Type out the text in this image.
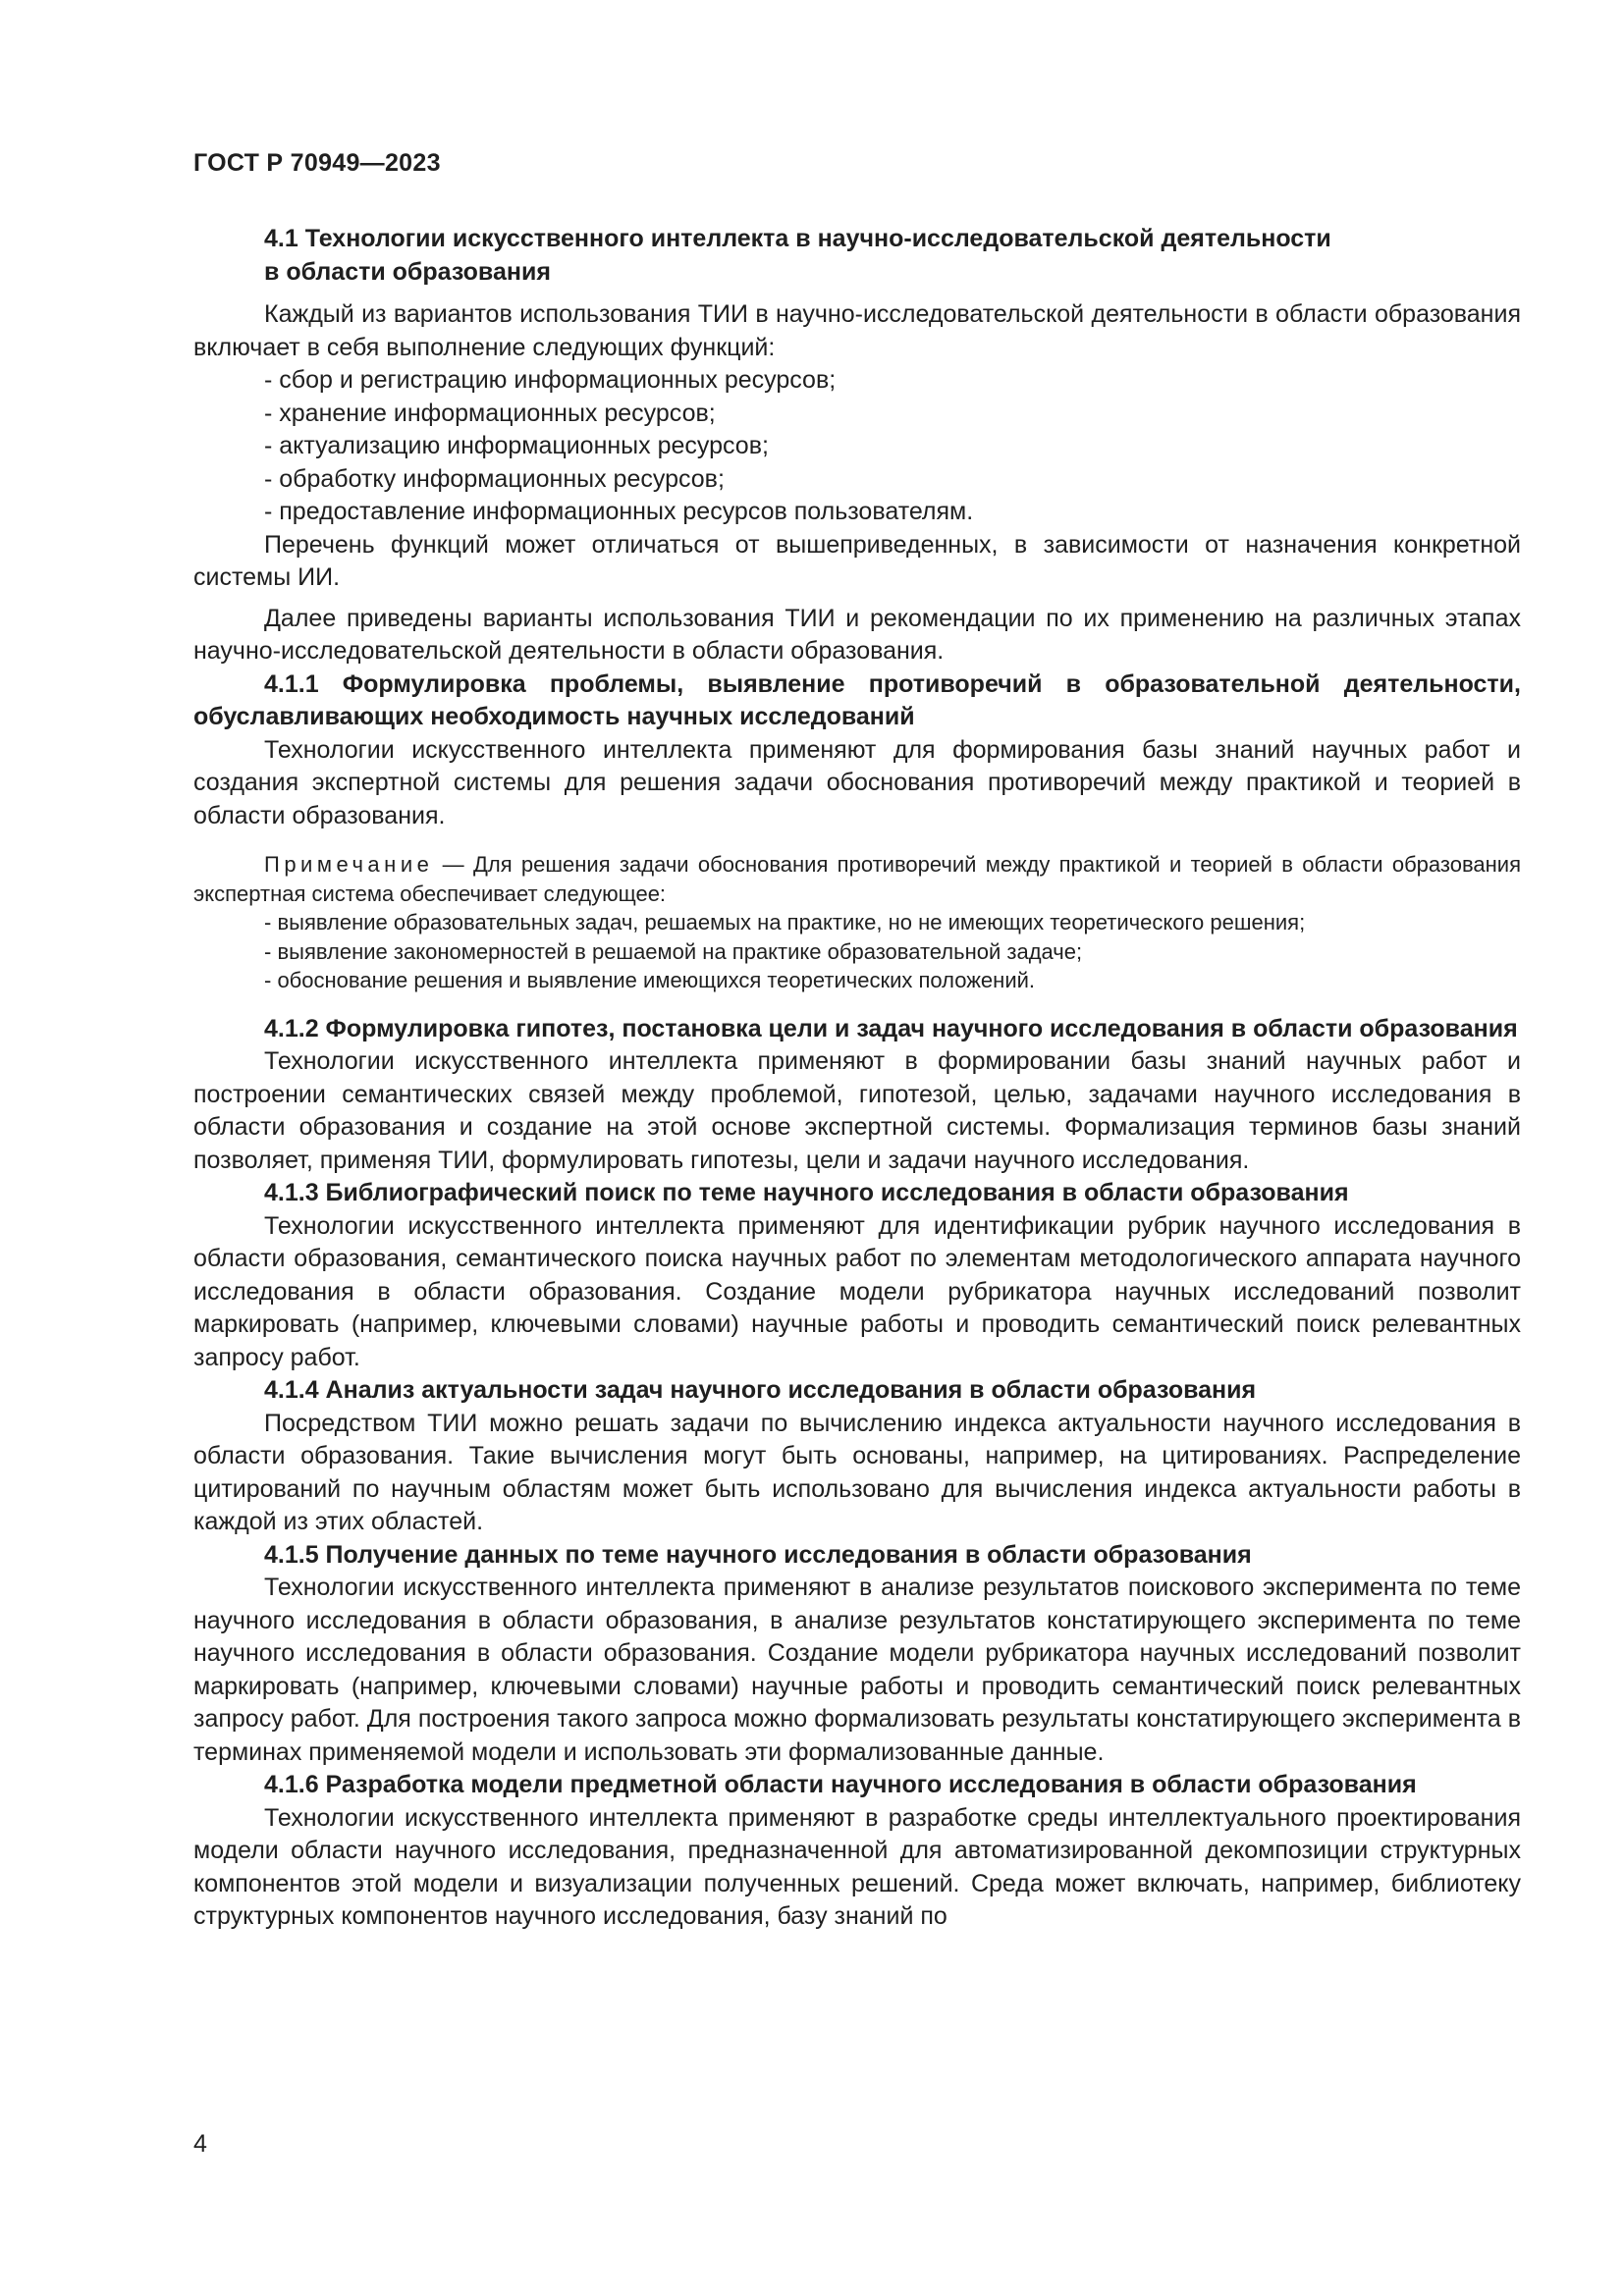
ГОСТ Р 70949—2023
4.1 Технологии искусственного интеллекта в научно-исследовательской деятельности
в области образования

Каждый из вариантов использования ТИИ в научно-исследовательской деятельности в области образования включает в себя выполнение следующих функций:

- сбор и регистрацию информационных ресурсов;

- хранение информационных ресурсов;

- актуализацию информационных ресурсов;

- обработку информационных ресурсов;

- предоставление информационных ресурсов пользователям.

Перечень функций может отличаться от вышеприведенных, в зависимости от назначения конкретной системы ИИ.

Далее приведены варианты использования ТИИ и рекомендации по их применению на различных этапах научно-исследовательской деятельности в области образования.

4.1.1 Формулировка проблемы, выявление противоречий в образовательной деятельности, обуславливающих необходимость научных исследований

Технологии искусственного интеллекта применяют для формирования базы знаний научных работ и создания экспертной системы для решения задачи обоснования противоречий между практикой и теорией в области образования.

Примечание — Для решения задачи обоснования противоречий между практикой и теорией в области образования экспертная система обеспечивает следующее:

- выявление образовательных задач, решаемых на практике, но не имеющих теоретического решения;

- выявление закономерностей в решаемой на практике образовательной задаче;

- обоснование решения и выявление имеющихся теоретических положений.

4.1.2 Формулировка гипотез, постановка цели и задач научного исследования в области образования

Технологии искусственного интеллекта применяют в формировании базы знаний научных работ и построении семантических связей между проблемой, гипотезой, целью, задачами научного исследования в области образования и создание на этой основе экспертной системы. Формализация терминов базы знаний позволяет, применяя ТИИ, формулировать гипотезы, цели и задачи научного исследования.

4.1.3 Библиографический поиск по теме научного исследования в области образования

Технологии искусственного интеллекта применяют для идентификации рубрик научного исследования в области образования, семантического поиска научных работ по элементам методологического аппарата научного исследования в области образования. Создание модели рубрикатора научных исследований позволит маркировать (например, ключевыми словами) научные работы и проводить семантический поиск релевантных запросу работ.

4.1.4 Анализ актуальности задач научного исследования в области образования

Посредством ТИИ можно решать задачи по вычислению индекса актуальности научного исследования в области образования. Такие вычисления могут быть основаны, например, на цитированиях. Распределение цитирований по научным областям может быть использовано для вычисления индекса актуальности работы в каждой из этих областей.

4.1.5 Получение данных по теме научного исследования в области образования

Технологии искусственного интеллекта применяют в анализе результатов поискового эксперимента по теме научного исследования в области образования, в анализе результатов констатирующего эксперимента по теме научного исследования в области образования. Создание модели рубрикатора научных исследований позволит маркировать (например, ключевыми словами) научные работы и проводить семантический поиск релевантных запросу работ. Для построения такого запроса можно формализовать результаты констатирующего эксперимента в терминах применяемой модели и использовать эти формализованные данные.

4.1.6 Разработка модели предметной области научного исследования в области образования

Технологии искусственного интеллекта применяют в разработке среды интеллектуального проектирования модели области научного исследования, предназначенной для автоматизированной декомпозиции структурных компонентов этой модели и визуализации полученных решений. Среда может включать, например, библиотеку структурных компонентов научного исследования, базу знаний по

4
